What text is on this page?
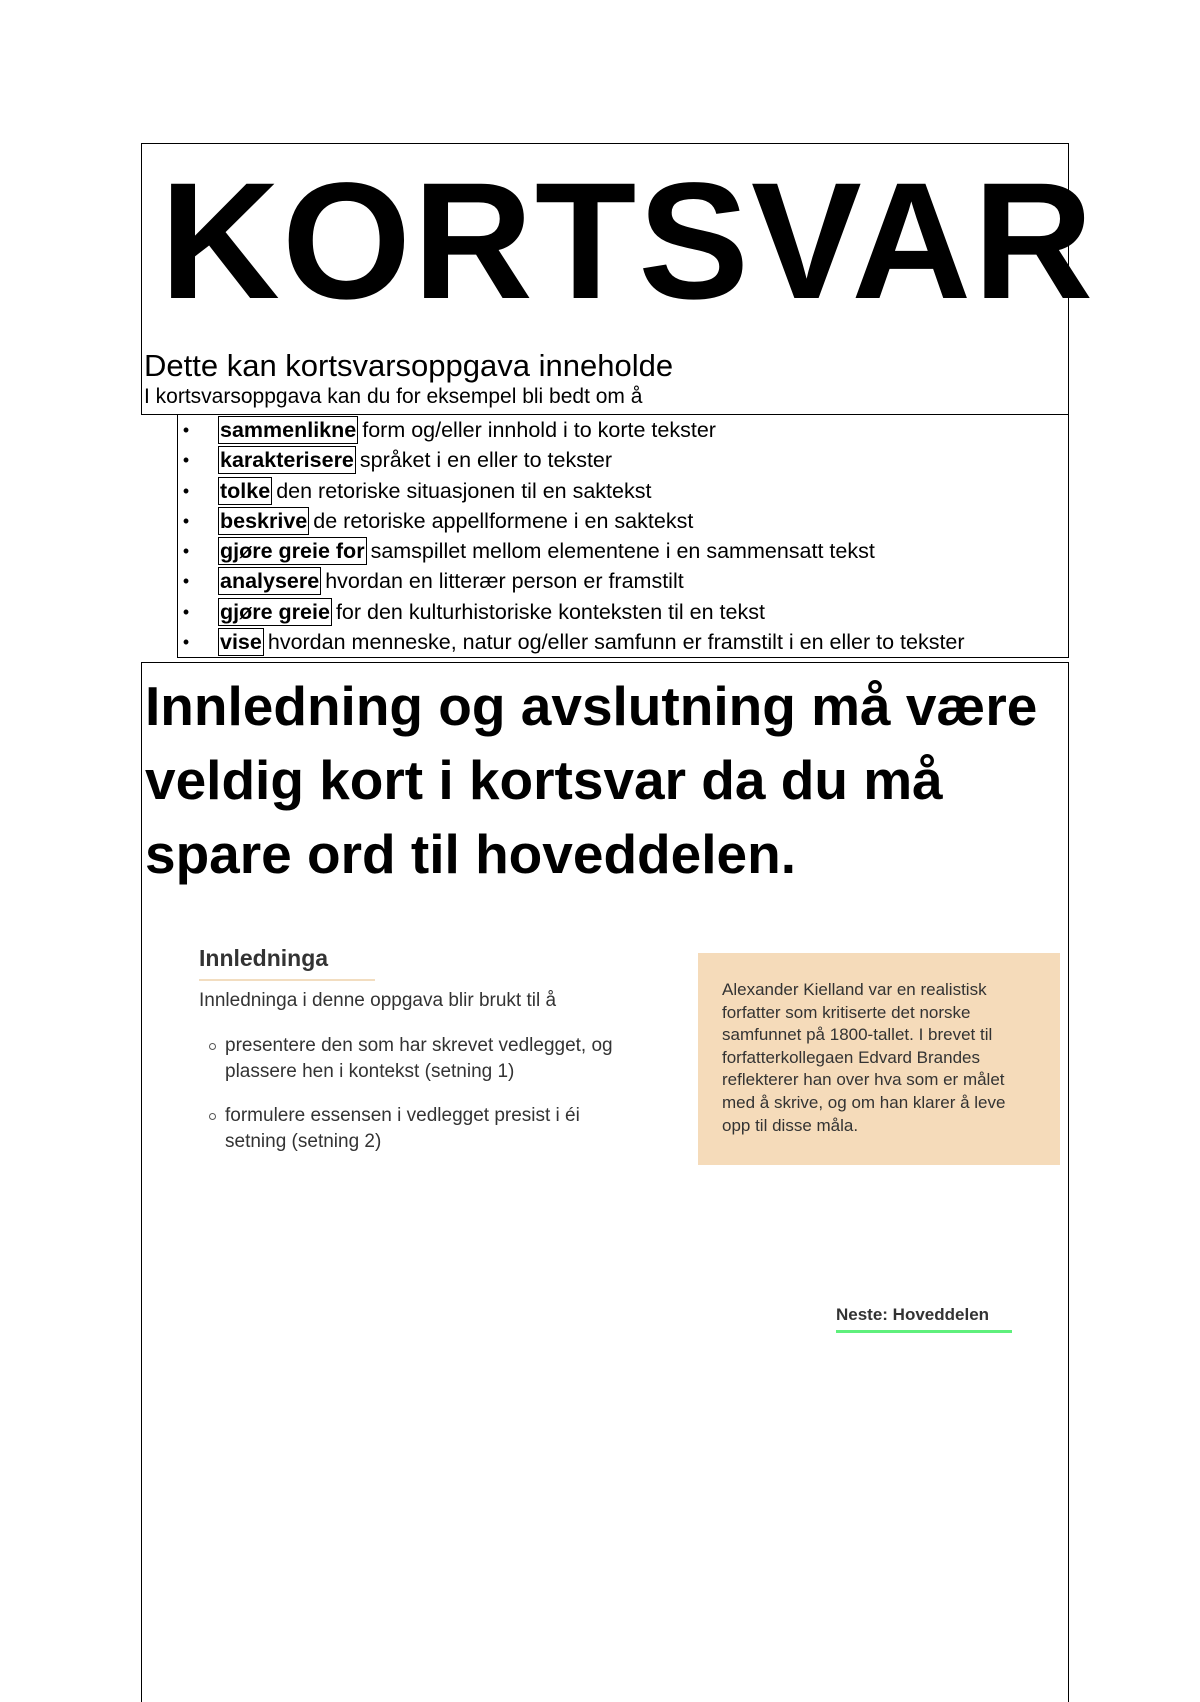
KORTSVAR
Dette kan kortsvarsoppgava inneholde

I kortsvarsoppgava kan du for eksempel bli bedt om å

• sammenlikne form og/eller innhold i to korte tekster
• karakterisere språket i en eller to tekster
• tolke den retoriske situasjonen til en saktekst
• beskrive de retoriske appellformene i en saktekst
• gjøre greie for samspillet mellom elementene i en sammensatt tekst
• analysere hvordan en litterær person er framstilt
• gjøre greie for den kulturhistoriske konteksten til en tekst
• vise hvordan menneske, natur og/eller samfunn er framstilt i en eller to tekster
Innledning og avslutning må være veldig kort i kortsvar da du må spare ord til hoveddelen.
Innledninga

Innledninga i denne oppgava blir brukt til å

presentere den som har skrevet vedlegget, og plassere hen i kontekst (setning 1)
formulere essensen i vedlegget presist i éi setning (setning 2)

Alexander Kielland var en realistisk forfatter som kritiserte det norske samfunnet på 1800-tallet. I brevet til forfatterkollegaen Edvard Brandes reflekterer han over hva som er målet med å skrive, og om han klarer å leve opp til disse måla.

Neste: Hoveddelen
